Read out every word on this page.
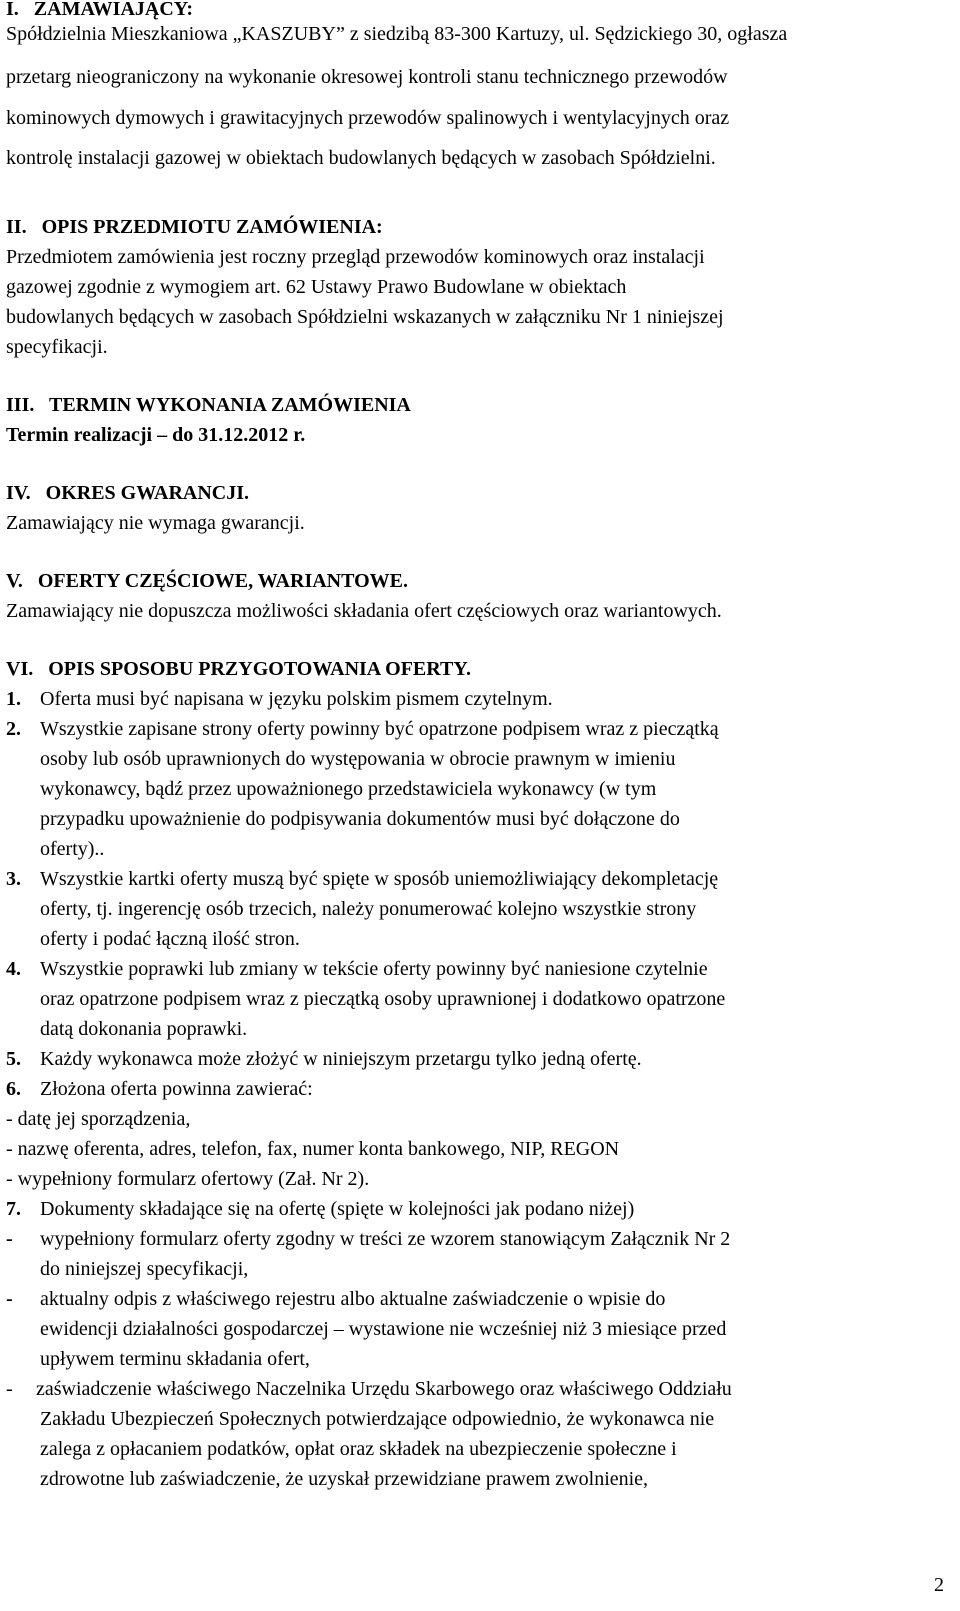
I.   ZAMAWIAJĄCY:
Spółdzielnia Mieszkaniowa „KASZUBY” z siedzibą 83-300 Kartuzy, ul. Sędzickiego 30, ogłasza
przetarg nieograniczony na wykonanie okresowej kontroli stanu technicznego przewodów
kominowych dymowych i grawitacyjnych przewodów spalinowych i wentylacyjnych oraz
kontrolę instalacji gazowej w obiektach budowlanych będących w zasobach Spółdzielni.
II.   OPIS PRZEDMIOTU ZAMÓWIENIA:
Przedmiotem zamówienia jest roczny przegląd przewodów kominowych oraz instalacji
gazowej zgodnie z wymogiem art. 62 Ustawy Prawo Budowlane w obiektach
budowlanych będących w zasobach Spółdzielni wskazanych w załączniku Nr 1 niniejszej
specyfikacji.
III.   TERMIN WYKONANIA ZAMÓWIENIA
Termin realizacji – do 31.12.2012 r.
IV.   OKRES GWARANCJI.
Zamawiający nie wymaga gwarancji.
V.   OFERTY CZĘŚCIOWE, WARIANTOWE.
Zamawiający nie dopuszcza możliwości składania ofert częściowych oraz wariantowych.
VI.   OPIS SPOSOBU PRZYGOTOWANIA OFERTY.
1. Oferta musi być napisana w języku polskim pismem czytelnym.
2. Wszystkie zapisane strony oferty powinny być opatrzone podpisem wraz z pieczątką
osoby lub osób uprawnionych do występowania w obrocie prawnym w imieniu
wykonawcy, bądź przez upoważnionego przedstawiciela wykonawcy (w tym
przypadku upoważnienie do podpisywania dokumentów musi być dołączone do
oferty)..
3. Wszystkie kartki oferty muszą być spięte w sposób uniemożliwiający dekompletację
oferty, tj. ingerencję osób trzecich, należy ponumerować kolejno wszystkie strony
oferty i podać łączną ilość stron.
4. Wszystkie poprawki lub zmiany w tekście oferty powinny być naniesione czytelnie
oraz opatrzone podpisem wraz z pieczątką osoby uprawnionej i dodatkowo opatrzone
datą dokonania poprawki.
5. Każdy wykonawca może złożyć w niniejszym przetargu tylko jedną ofertę.
6. Złożona oferta powinna zawierać:
- datę jej sporządzenia,
- nazwę oferenta, adres, telefon, fax, numer konta bankowego, NIP, REGON
- wypełniony formularz ofertowy (Zał. Nr 2).
7. Dokumenty składające się na ofertę (spięte w kolejności jak podano niżej)
- wypełniony formularz oferty zgodny w treści ze wzorem stanowiącym Załącznik Nr 2
do niniejszej specyfikacji,
- aktualny odpis z właściwego rejestru albo aktualne zaświadczenie o wpisie do
ewidencji działalności gospodarczej – wystawione nie wcześniej niż 3 miesiące przed
upływem terminu składania ofert,
- zaświadczenie właściwego Naczelnika Urzędu Skarbowego oraz właściwego Oddziału
Zakładu Ubezpieczeń Społecznych potwierdzające odpowiednio, że wykonawca nie
zalega z opłacaniem podatków, opłat oraz składek na ubezpieczenie społeczne i
zdrowotne lub zaświadczenie, że uzyskał przewidziane prawem zwolnienie,
2
